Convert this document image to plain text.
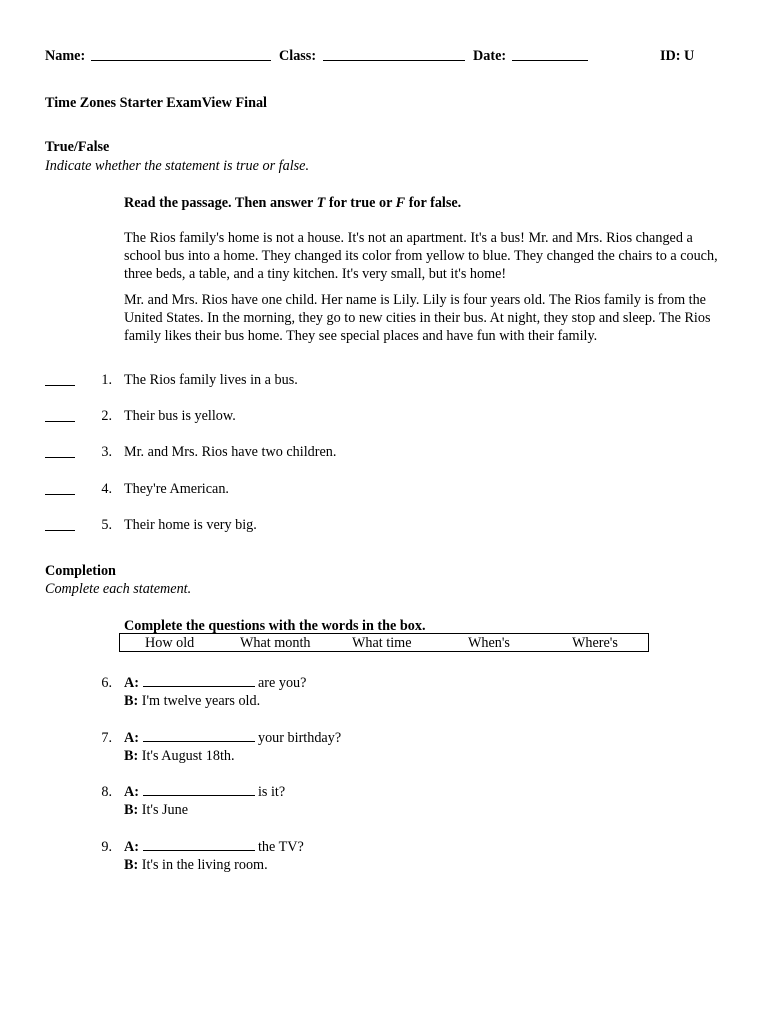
Name:	Class:	Date:	ID: U
Time Zones Starter ExamView Final
True/False
Indicate whether the statement is true or false.
Read the passage. Then answer T for true or F for false.
The Rios family's home is not a house. It's not an apartment. It's a bus! Mr. and Mrs. Rios changed a school bus into a home. They changed its color from yellow to blue. They changed the chairs to a couch, three beds, a table, and a tiny kitchen. It's very small, but it's home!
Mr. and Mrs. Rios have one child. Her name is Lily. Lily is four years old. The Rios family is from the United States. In the morning, they go to new cities in their bus. At night, they stop and sleep. The Rios family likes their bus home. They see special places and have fun with their family.
1. The Rios family lives in a bus.
2. Their bus is yellow.
3. Mr. and Mrs. Rios have two children.
4. They're American.
5. Their home is very big.
Completion
Complete each statement.
Complete the questions with the words in the box.
How old	What month	What time	When's	Where's
6. A:	are you?
B: I'm twelve years old.
7. A:	your birthday?
B: It's August 18th.
8. A:	is it?
B: It's June
9. A:	the TV?
B: It's in the living room.
